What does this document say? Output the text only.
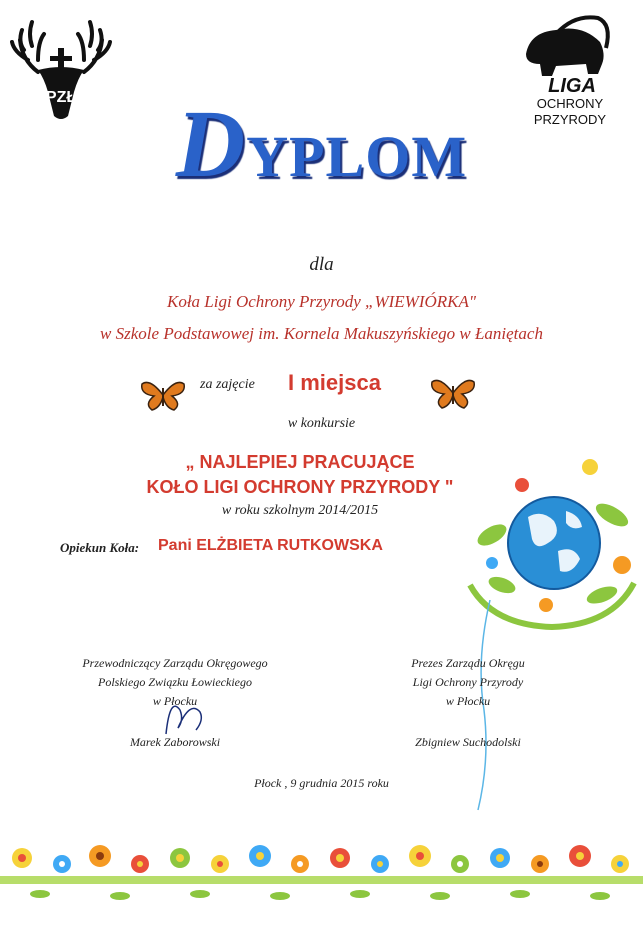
PZŁ
LIGA
OCHRONY
PRZYRODY
DYPLOM
dla
Koła Ligi Ochrony Przyrody „WIEWIÓRKA"
w Szkole Podstawowej im. Kornela Makuszyńskiego w Łaniętach
za zajęcie I miejsca
w konkursie
„ NAJLEPIEJ PRACUJĄCE
KOŁO LIGI OCHRONY PRZYRODY "
w roku szkolnym 2014/2015
Opiekun Koła: Pani ELŻBIETA RUTKOWSKA
Przewodniczący Zarządu Okręgowego
Polskiego Związku Łowieckiego
w Płocku
Marek Zaborowski
Prezes Zarządu Okręgu
Ligi Ochrony Przyrody
w Płocku
Zbigniew Suchodolski
Płock , 9 grudnia 2015 roku
